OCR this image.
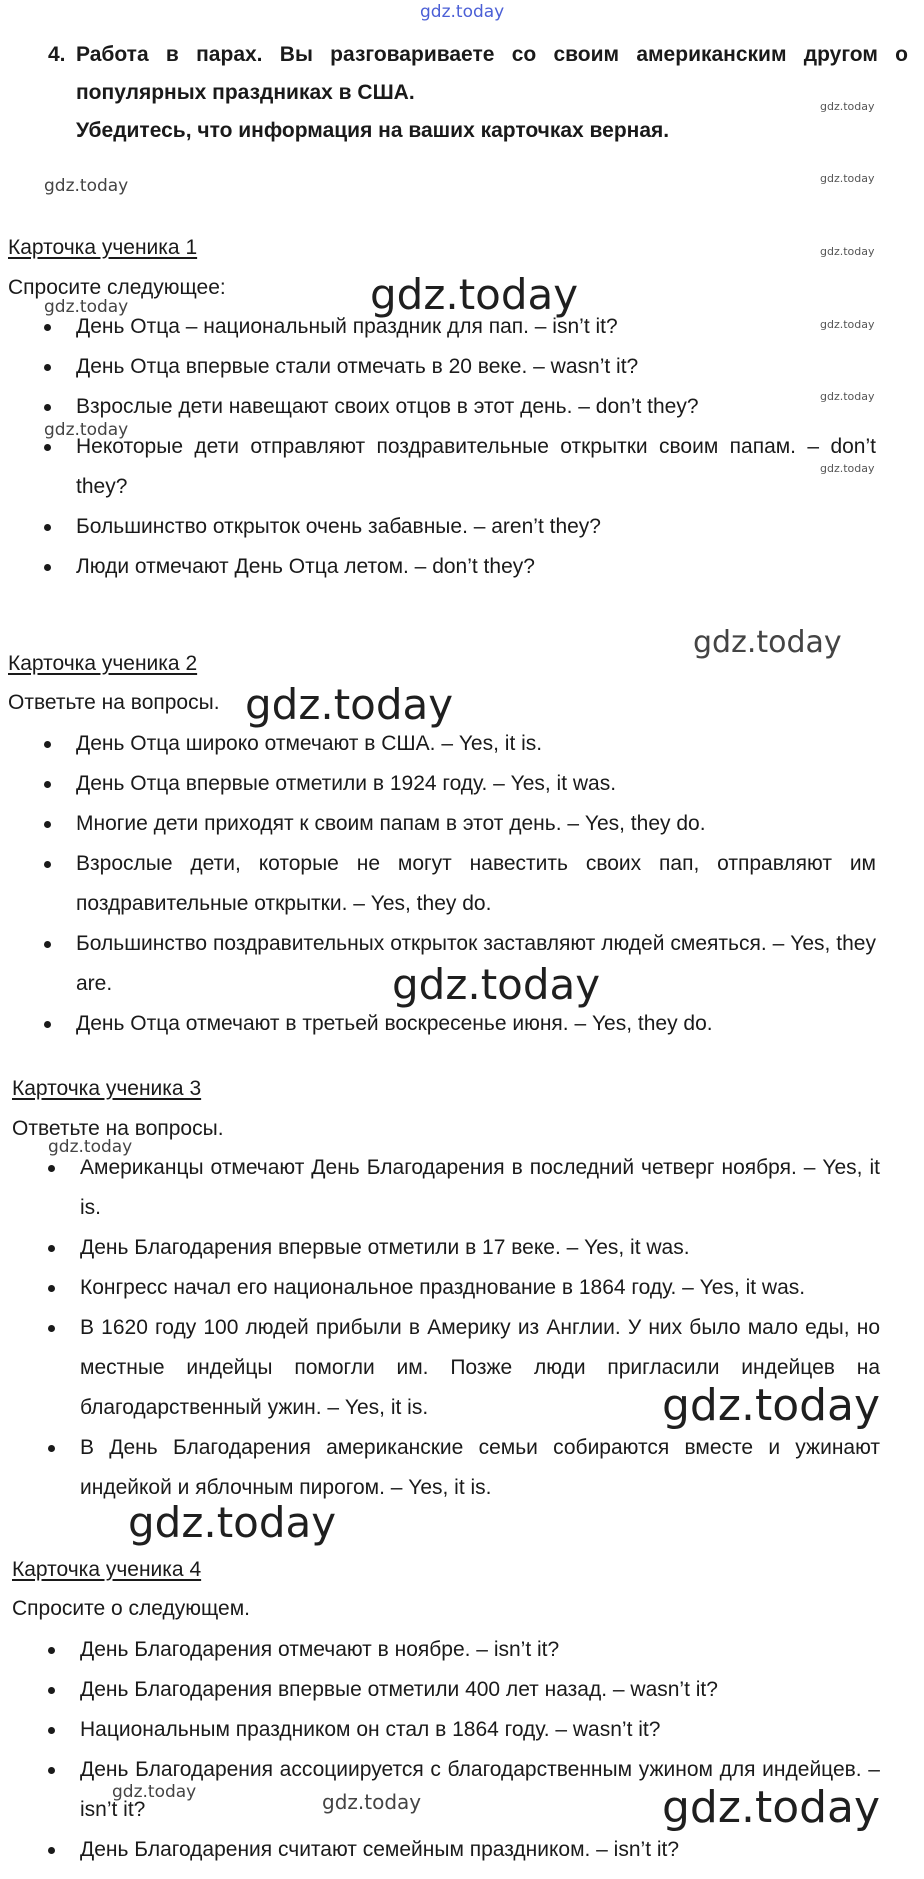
gdz.today
gdz.today
gdz.today	gdz.today
gdz.today
gdz.today
gdz.today
gdz.today
gdz.today
gdz.today
gdz.today
gdz.today
gdz.today
gdz.today
gdz.today
gdz.today
gdz.today
gdz.today	gdz.today	gdz.today
4. Работа в парах. Вы разговариваете со своим американским другом о популярных праздниках в США.
Убедитесь, что информация на ваших карточках верная.
Карточка ученика 1
Спросите следующее:
День Отца – национальный праздник для пап. – isn’t it?
День Отца впервые стали отмечать в 20 веке. – wasn’t it?
Взрослые дети навещают своих отцов в этот день. – don’t they?
Некоторые дети отправляют поздравительные открытки своим папам. – don’t they?
Большинство открыток очень забавные. – aren’t they?
Люди отмечают День Отца летом. – don’t they?
Карточка ученика 2
Ответьте на вопросы.
День Отца широко отмечают в США. – Yes, it is.
День Отца впервые отметили в 1924 году. – Yes, it was.
Многие дети приходят к своим папам в этот день. – Yes, they do.
Взрослые дети, которые не могут навестить своих пап, отправляют им поздравительные открытки. – Yes, they do.
Большинство поздравительных открыток заставляют людей смеяться. – Yes, they are.
День Отца отмечают в третьей воскресенье июня. – Yes, they do.
Карточка ученика 3
Ответьте на вопросы.
Американцы отмечают День Благодарения в последний четверг ноября. – Yes, it is.
День Благодарения впервые отметили в 17 веке. – Yes, it was.
Конгресс начал его национальное празднование в 1864 году. – Yes, it was.
В 1620 году 100 людей прибыли в Америку из Англии. У них было мало еды, но местные индейцы помогли им. Позже люди пригласили индейцев на благодарственный ужин. – Yes, it is.
В День Благодарения американские семьи собираются вместе и ужинают индейкой и яблочным пирогом. – Yes, it is.
Карточка ученика 4
Спросите о следующем.
День Благодарения отмечают в ноябре. – isn’t it?
День Благодарения впервые отметили 400 лет назад. – wasn’t it?
Национальным праздником он стал в 1864 году. – wasn’t it?
День Благодарения ассоциируется с благодарственным ужином для индейцев. – isn’t it?
День Благодарения считают семейным праздником. – isn’t it?
